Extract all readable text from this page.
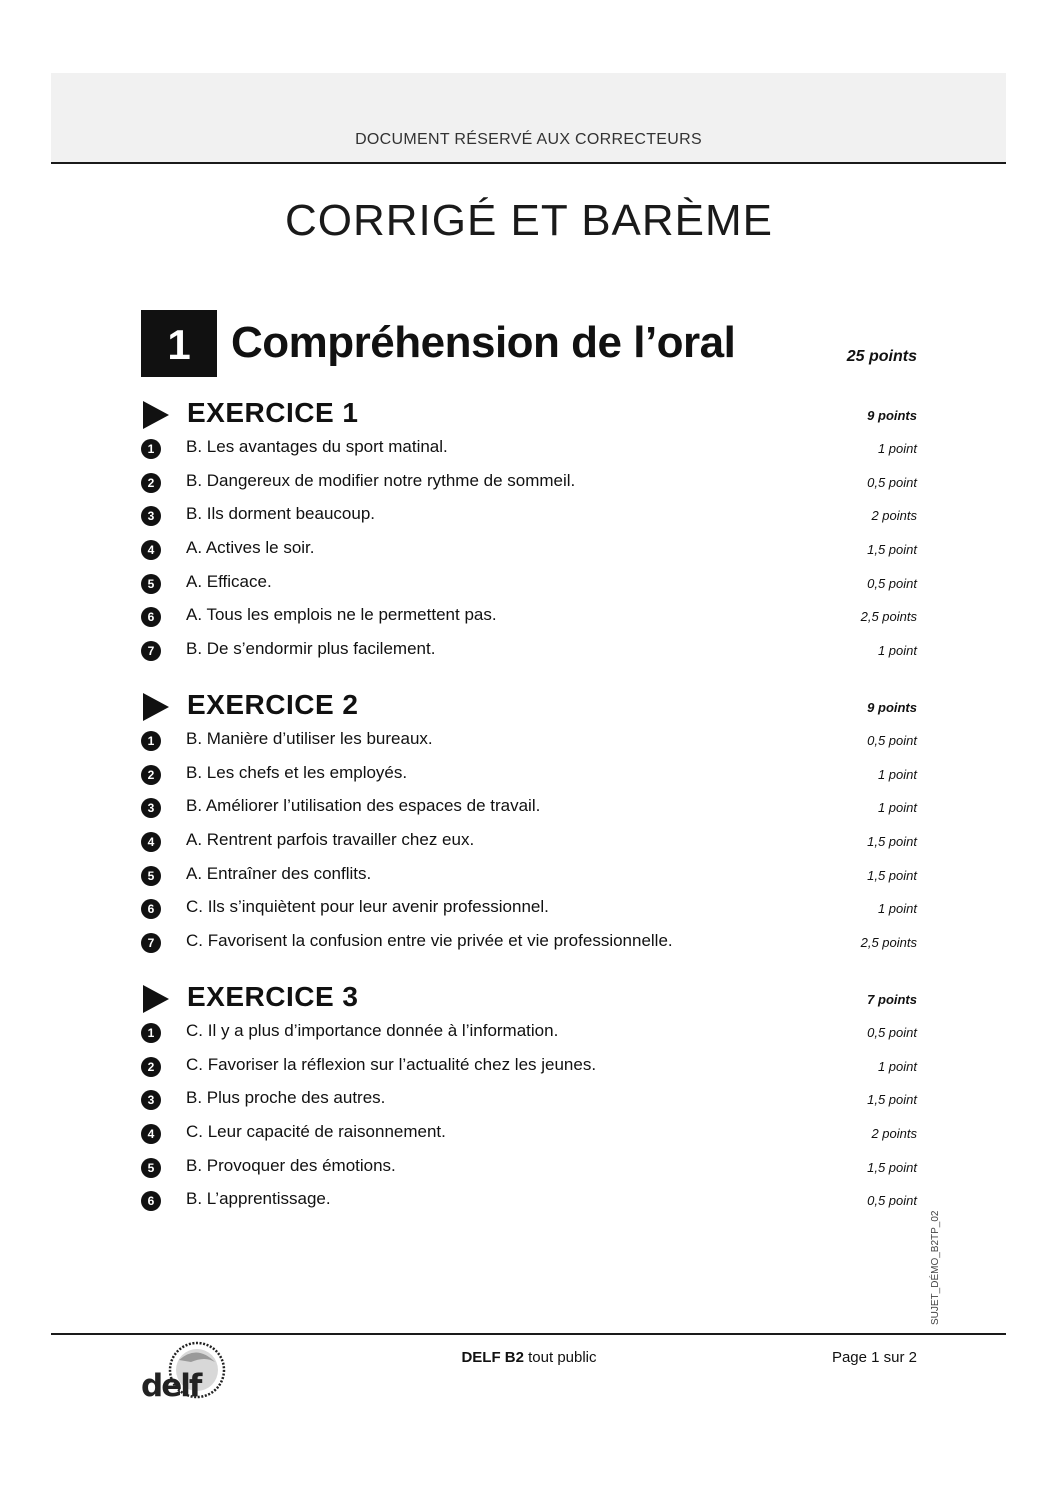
DOCUMENT RÉSERVÉ AUX CORRECTEURS
CORRIGÉ ET BARÈME
1 Compréhension de l’oral	25 points
EXERCICE 1	9 points
1	B. Les avantages du sport matinal.	1 point
2	B. Dangereux de modifier notre rythme de sommeil.	0,5 point
3	B. Ils dorment beaucoup.	2 points
4	A. Actives le soir.	1,5 point
5	A. Efficace.	0,5 point
6	A. Tous les emplois ne le permettent pas.	2,5 points
7	B. De s’endormir plus facilement.	1 point
EXERCICE 2	9 points
1	B. Manière d’utiliser les bureaux.	0,5 point
2	B. Les chefs et les employés.	1 point
3	B. Améliorer l’utilisation des espaces de travail.	1 point
4	A. Rentrent parfois travailler chez eux.	1,5 point
5	A. Entraîner des conflits.	1,5 point
6	C. Ils s’inquiètent pour leur avenir professionnel.	1 point
7	C. Favorisent la confusion entre vie privée et vie professionnelle.	2,5 points
EXERCICE 3	7 points
1	C. Il y a plus d’importance donnée à l’information.	0,5 point
2	C. Favoriser la réflexion sur l’actualité chez les jeunes.	1 point
3	B. Plus proche des autres.	1,5 point
4	C. Leur capacité de raisonnement.	2 points
5	B. Provoquer des émotions.	1,5 point
6	B. L’apprentissage.	0,5 point
SUJET_DÉMO_B2TP_02
delf
DELF B2 tout public	Page 1 sur 2
